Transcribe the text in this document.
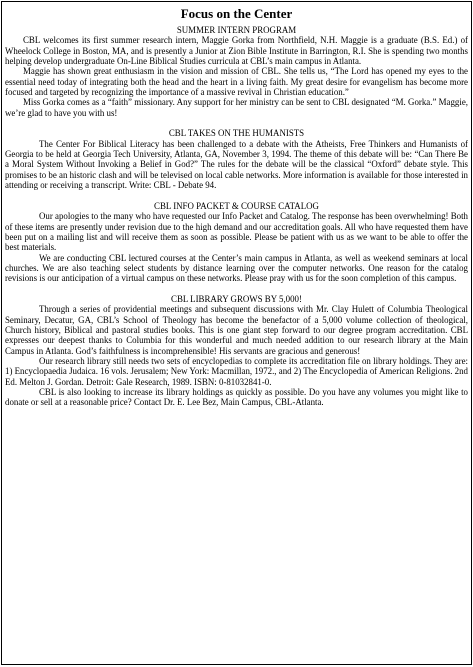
Focus on the Center

SUMMER INTERN PROGRAM

CBL welcomes its first summer research intern, Maggie Gorka from Northfield, N.H. Maggie is a graduate (B.S. Ed.) of Wheelock College in Boston, MA, and is presently a Junior at Zion Bible Institute in Barrington, R.I. She is spending two months helping develop undergraduate On-Line Biblical Studies curricula at CBL’s main campus in Atlanta.

Maggie has shown great enthusiasm in the vision and mission of CBL. She tells us, “The Lord has opened my eyes to the essential need today of integrating both the head and the heart in a living faith. My great desire for evangelism has become more focused and targeted by recognizing the importance of a massive revival in Christian education.”

Miss Gorka comes as a “faith” missionary. Any support for her ministry can be sent to CBL designated “M. Gorka.” Maggie, we’re glad to have you with us!

CBL TAKES ON THE HUMANISTS

The Center For Biblical Literacy has been challenged to a debate with the Atheists, Free Thinkers and Humanists of Georgia to be held at Georgia Tech University, Atlanta, GA, November 3, 1994. The theme of this debate will be: “Can There Be a Moral System Without Invoking a Belief in God?” The rules for the debate will be the classical “Oxford” debate style. This promises to be an historic clash and will be televised on local cable networks. More information is available for those interested in attending or receiving a transcript. Write: CBL - Debate 94.

CBL INFO PACKET & COURSE CATALOG

Our apologies to the many who have requested our Info Packet and Catalog. The response has been overwhelming! Both of these items are presently under revision due to the high demand and our accreditation goals. All who have requested them have been put on a mailing list and will receive them as soon as possible. Please be patient with us as we want to be able to offer the best materials.

We are conducting CBL lectured courses at the Center’s main campus in Atlanta, as well as weekend seminars at local churches. We are also teaching select students by distance learning over the computer networks. One reason for the catalog revisions is our anticipation of a virtual campus on these networks. Please pray with us for the soon completion of this campus.

CBL LIBRARY GROWS BY 5,000!

Through a series of providential meetings and subsequent discussions with Mr. Clay Hulett of Columbia Theological Seminary, Decatur, GA, CBL’s School of Theology has become the benefactor of a 5,000 volume collection of theological, Church history, Biblical and pastoral studies books. This is one giant step forward to our degree program accreditation. CBL expresses our deepest thanks to Columbia for this wonderful and much needed addition to our research library at the Main Campus in Atlanta. God’s faithfulness is incomprehensible! His servants are gracious and generous!

Our research library still needs two sets of encyclopedias to complete its accreditation file on library holdings. They are: 1) Encyclopaedia Judaica. 16 vols. Jerusalem; New York: Macmillan, 1972., and 2) The Encyclopedia of American Religions. 2nd Ed. Melton J. Gordan. Detroit: Gale Research, 1989. ISBN: 0-81032841-0.

CBL is also looking to increase its library holdings as quickly as possible. Do you have any volumes you might like to donate or sell at a reasonable price? Contact Dr. E. Lee Bez, Main Campus, CBL-Atlanta.
